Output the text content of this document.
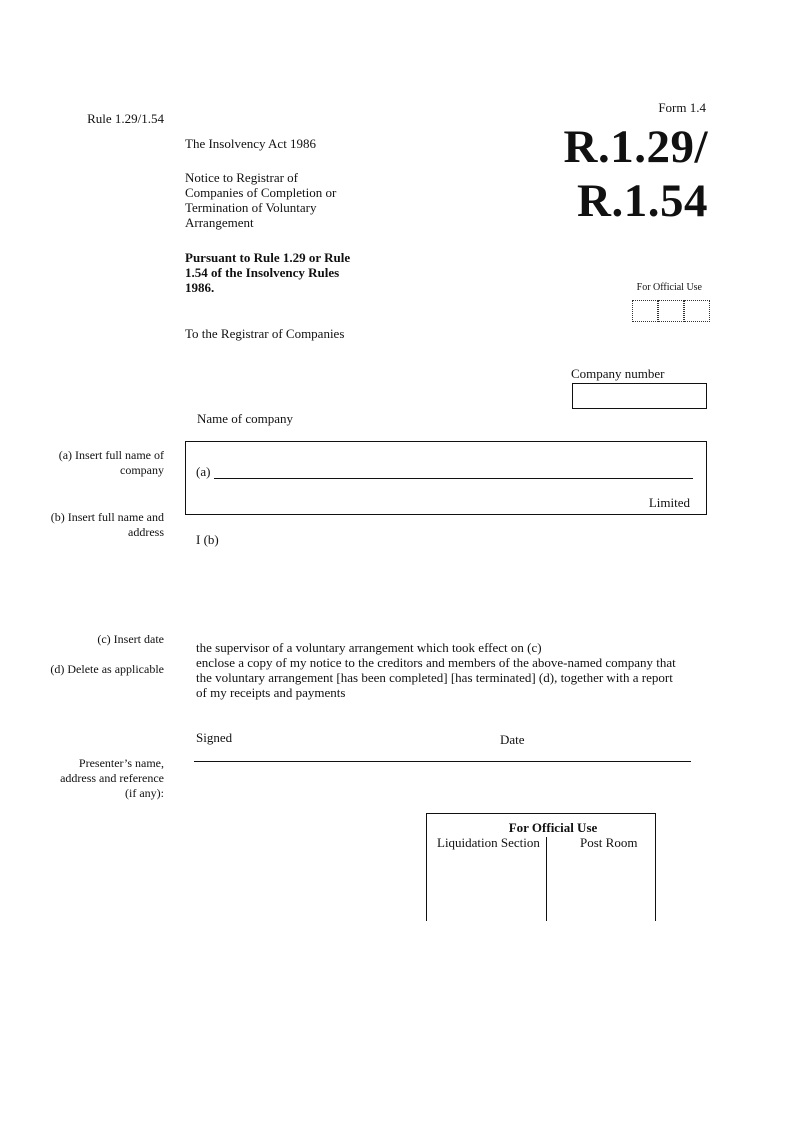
Rule 1.29/1.54
Form 1.4
R.1.29/
R.1.54
The Insolvency Act 1986
Notice to Registrar of
Companies of Completion or
Termination of Voluntary
Arrangement
Pursuant to Rule 1.29 or Rule
1.54 of the Insolvency Rules
1986.	For Official Use
To the Registrar of Companies
Company number
Name of company
(a) Insert full name of
company (a)
Limited
(b) Insert full name and
address I (b)
(c) Insert date
(d) Delete as applicable
the supervisor of a voluntary arrangement which took effect on (c)
enclose a copy of my notice to the creditors and members of the above-named company that
the voluntary arrangement [has been completed] [has terminated] (d), together with a report
of my receipts and payments
Signed	Date
Presenter’s name,
address and reference
(if any):
For Official Use
Liquidation Section	Post Room
